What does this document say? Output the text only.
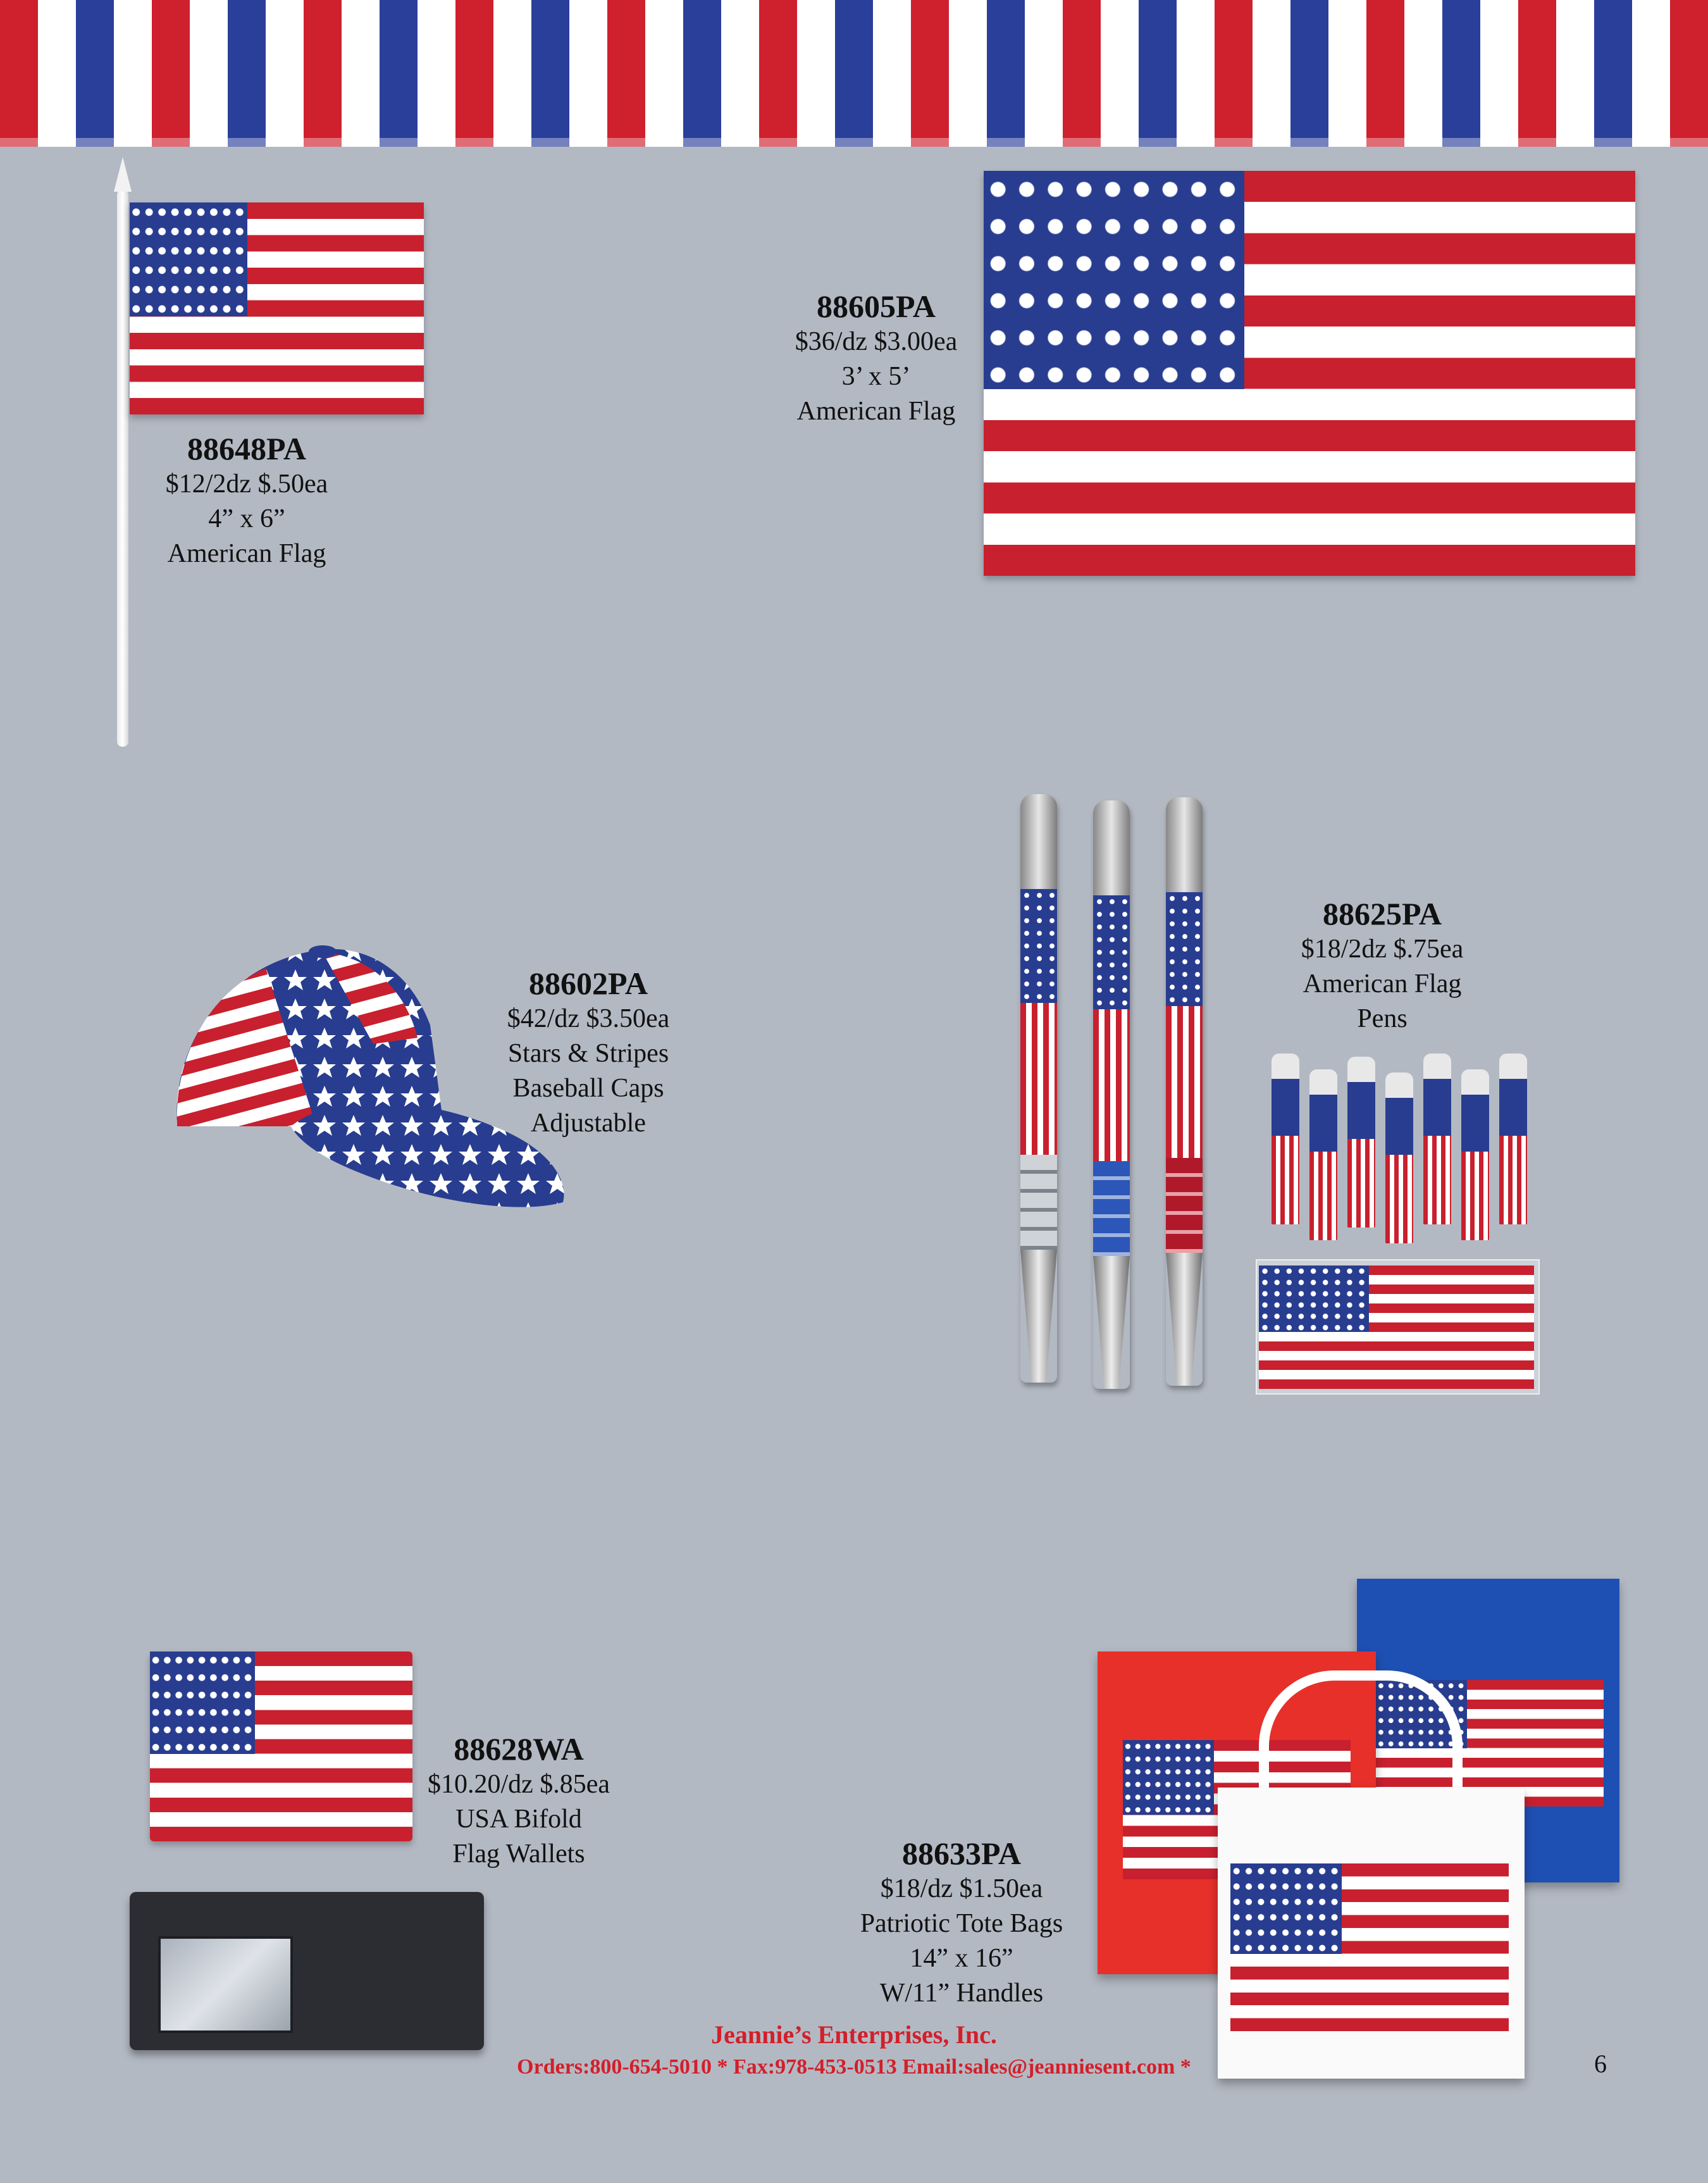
88648PA
$12/2dz $.50ea
4” x 6”
American Flag
88605PA
$36/dz $3.00ea
3’ x 5’
American Flag
88602PA
$42/dz $3.50ea
Stars & Stripes
Baseball Caps
Adjustable
88625PA
$18/2dz $.75ea
American Flag
Pens
88628WA
$10.20/dz $.85ea
USA Bifold
Flag Wallets	88633PA
$18/dz $1.50ea
Patriotic Tote Bags
14” x 16”
W/11” Handles
Jeannie’s Enterprises, Inc.
Orders:800-654-5010 * Fax:978-453-0513 Email:sales@jeanniesent.com *	6
